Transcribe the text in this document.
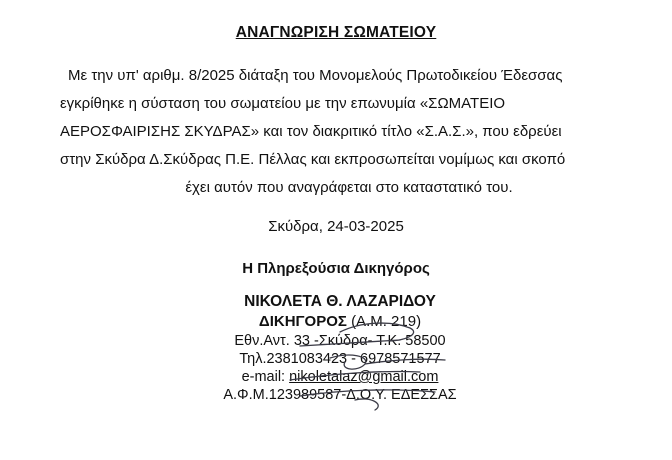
ΑΝΑΓΝΩΡΙΣΗ ΣΩΜΑΤΕΙΟΥ
Με την υπ' αριθμ. 8/2025 διάταξη του Μονομελούς Πρωτοδικείου Έδεσσας
εγκρίθηκε η σύσταση του σωματείου με την επωνυμία «ΣΩΜΑΤΕΙΟ
ΑΕΡΟΣΦΑΙΡΙΣΗΣ ΣΚΥΔΡΑΣ» και τον διακριτικό τίτλο «Σ.Α.Σ.», που εδρεύει
στην Σκύδρα Δ.Σκύδρας Π.Ε. Πέλλας και εκπροσωπείται νομίμως και σκοπό
έχει αυτόν που αναγράφεται στο καταστατικό του.
Σκύδρα, 24-03-2025
Η Πληρεξούσια Δικηγόρος
ΝΙΚΟΛΕΤΑ Θ. ΛΑΖΑΡΙΔΟΥ
ΔΙΚΗΓΟΡΟΣ (Α.Μ. 219)
Εθν.Αντ. 33 -Σκύδρα- Τ.Κ. 58500
Τηλ.2381083423 - 6978571577
e-mail: nikoletalaz@gmail.com
Α.Φ.Μ.123989587-Δ.Ο.Υ. ΕΔΕΣΣΑΣ
